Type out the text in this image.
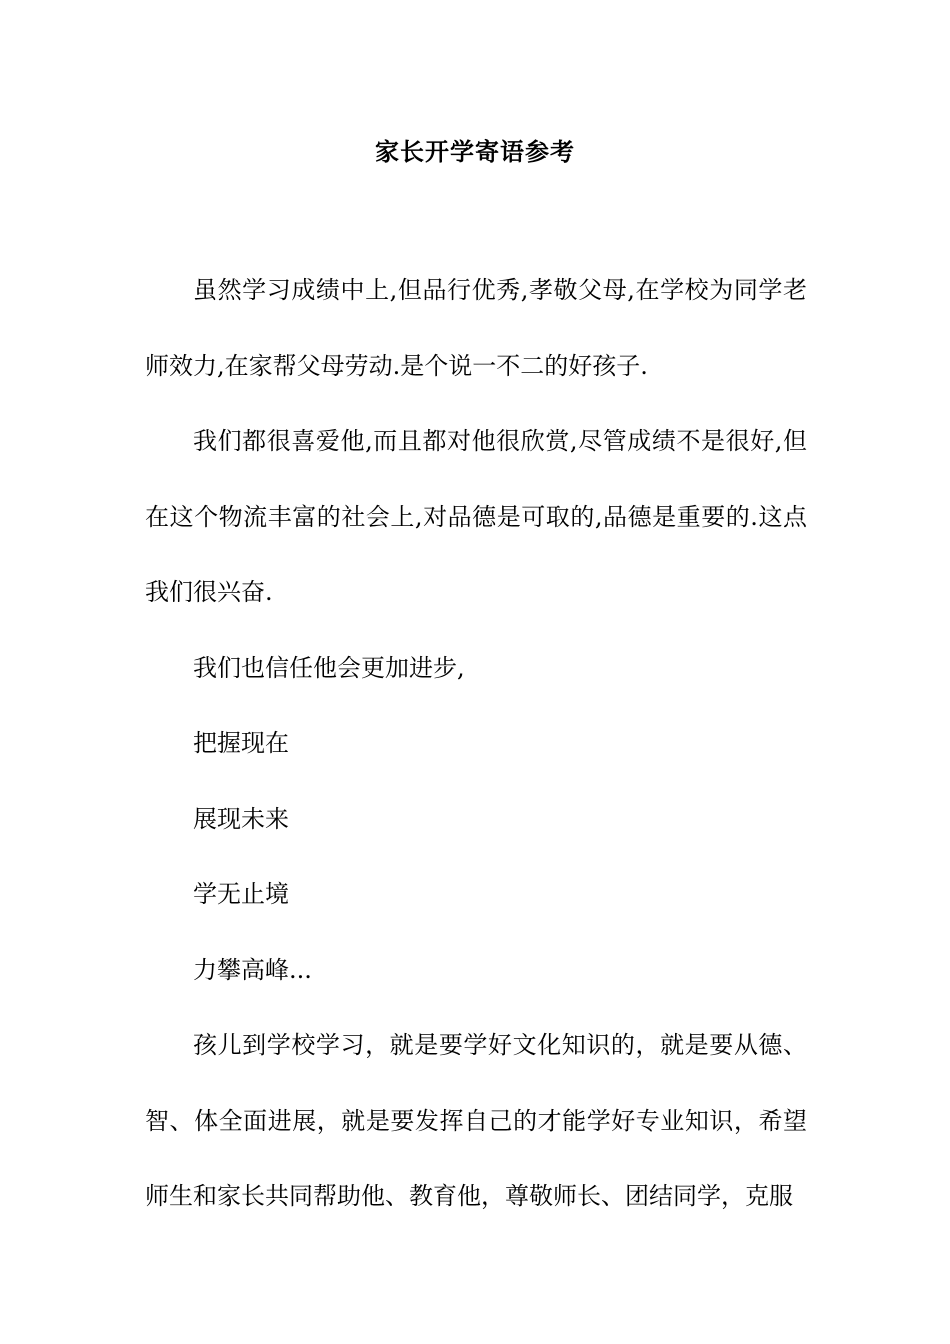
家长开学寄语参考

虽然学习成绩中上,但品行优秀,孝敬父母,在学校为同学老师效力,在家帮父母劳动.是个说一不二的好孩子.

我们都很喜爱他,而且都对他很欣赏,尽管成绩不是很好,但在这个物流丰富的社会上,对品德是可取的,品德是重要的.这点我们很兴奋.

我们也信任他会更加进步,

把握现在

展现未来

学无止境

力攀高峰...

孩儿到学校学习，就是要学好文化知识的，就是要从德、智、体全面进展，就是要发挥自己的才能学好专业知识，希望师生和家长共同帮助他、教育他，尊敬师长、团结同学，克服
